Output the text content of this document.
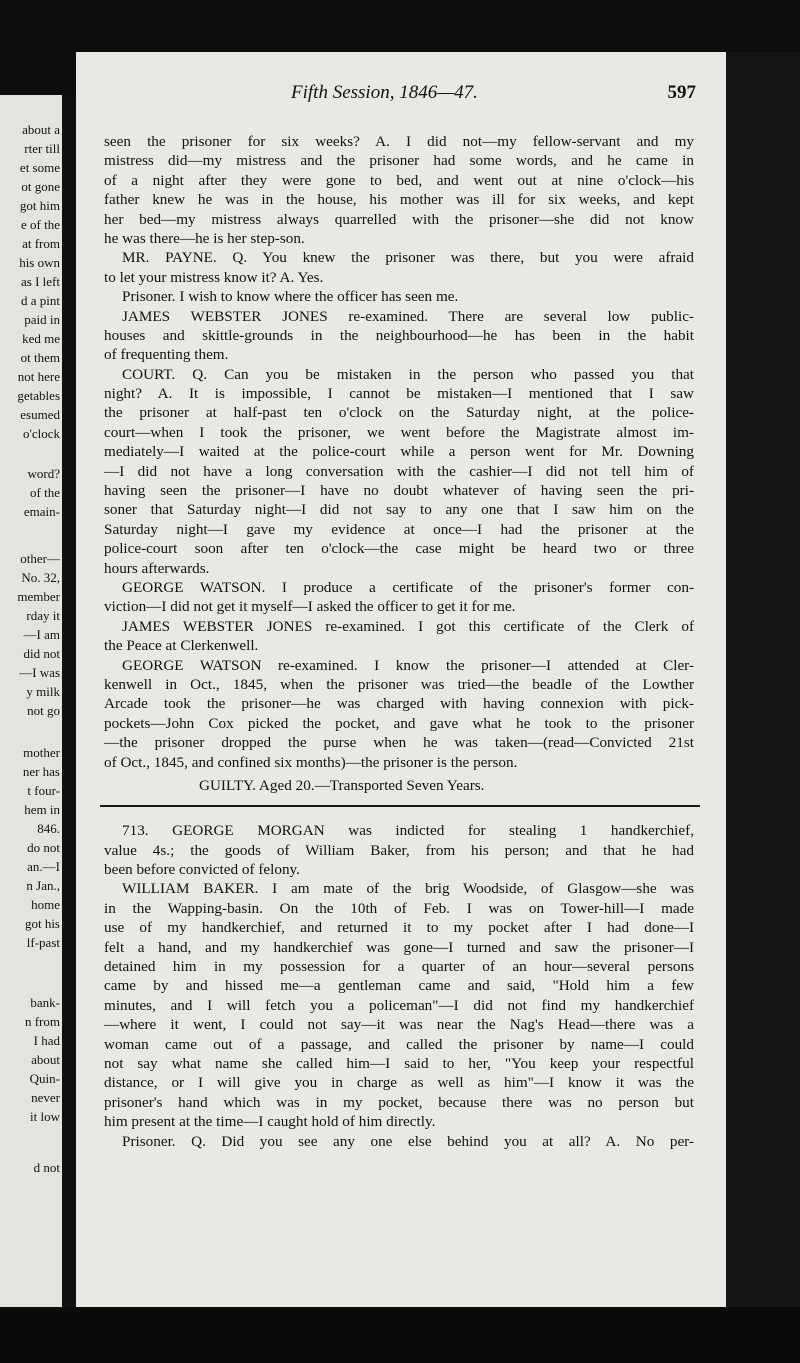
about a
rter till
et some
ot gone
got him
e of the
at from
his own
as I left
d a pint
paid in
ked me
ot them
not here
getables
esumed
o'clock
word?
of the
emain-
other—
No. 32,
member
rday it
—I am
did not
—I was
y milk
not go
mother
ner has
t four-
hem in
846.
do not
an.—I
n Jan.,
home
got his
lf-past
bank-
n from
I had
about
Quin-
never
it low
d not
Fifth Session, 1846—47.	597
seen the prisoner for six weeks? A. I did not—my fellow-servant and my
mistress did—my mistress and the prisoner had some words, and he came in
of a night after they were gone to bed, and went out at nine o'clock—his
father knew he was in the house, his mother was ill for six weeks, and kept
her bed—my mistress always quarrelled with the prisoner—she did not know
he was there—he is her step-son.
MR. PAYNE. Q. You knew the prisoner was there, but you were afraid
to let your mistress know it? A. Yes.
Prisoner. I wish to know where the officer has seen me.
JAMES WEBSTER JONES re-examined. There are several low public-
houses and skittle-grounds in the neighbourhood—he has been in the habit
of frequenting them.
COURT. Q. Can you be mistaken in the person who passed you that
night? A. It is impossible, I cannot be mistaken—I mentioned that I saw
the prisoner at half-past ten o'clock on the Saturday night, at the police-
court—when I took the prisoner, we went before the Magistrate almost im-
mediately—I waited at the police-court while a person went for Mr. Downing
—I did not have a long conversation with the cashier—I did not tell him of
having seen the prisoner—I have no doubt whatever of having seen the pri-
soner that Saturday night—I did not say to any one that I saw him on the
Saturday night—I gave my evidence at once—I had the prisoner at the
police-court soon after ten o'clock—the case might be heard two or three
hours afterwards.
GEORGE WATSON. I produce a certificate of the prisoner's former con-
viction—I did not get it myself—I asked the officer to get it for me.
JAMES WEBSTER JONES re-examined. I got this certificate of the Clerk of
the Peace at Clerkenwell.
GEORGE WATSON re-examined. I know the prisoner—I attended at Cler-
kenwell in Oct., 1845, when the prisoner was tried—the beadle of the Lowther
Arcade took the prisoner—he was charged with having connexion with pick-
pockets—John Cox picked the pocket, and gave what he took to the prisoner
—the prisoner dropped the purse when he was taken—(read—Convicted 21st
of Oct., 1845, and confined six months)—the prisoner is the person.
GUILTY. Aged 20.—Transported Seven Years.
713. GEORGE MORGAN was indicted for stealing 1 handkerchief,
value 4s.; the goods of William Baker, from his person; and that he had
been before convicted of felony.
WILLIAM BAKER. I am mate of the brig Woodside, of Glasgow—she was
in the Wapping-basin. On the 10th of Feb. I was on Tower-hill—I made
use of my handkerchief, and returned it to my pocket after I had done—I
felt a hand, and my handkerchief was gone—I turned and saw the prisoner—I
detained him in my possession for a quarter of an hour—several persons
came by and hissed me—a gentleman came and said, "Hold him a few
minutes, and I will fetch you a policeman"—I did not find my handkerchief
—where it went, I could not say—it was near the Nag's Head—there was a
woman came out of a passage, and called the prisoner by name—I could
not say what name she called him—I said to her, "You keep your respectful
distance, or I will give you in charge as well as him"—I know it was the
prisoner's hand which was in my pocket, because there was no person but
him present at the time—I caught hold of him directly.
Prisoner. Q. Did you see any one else behind you at all? A. No per-
